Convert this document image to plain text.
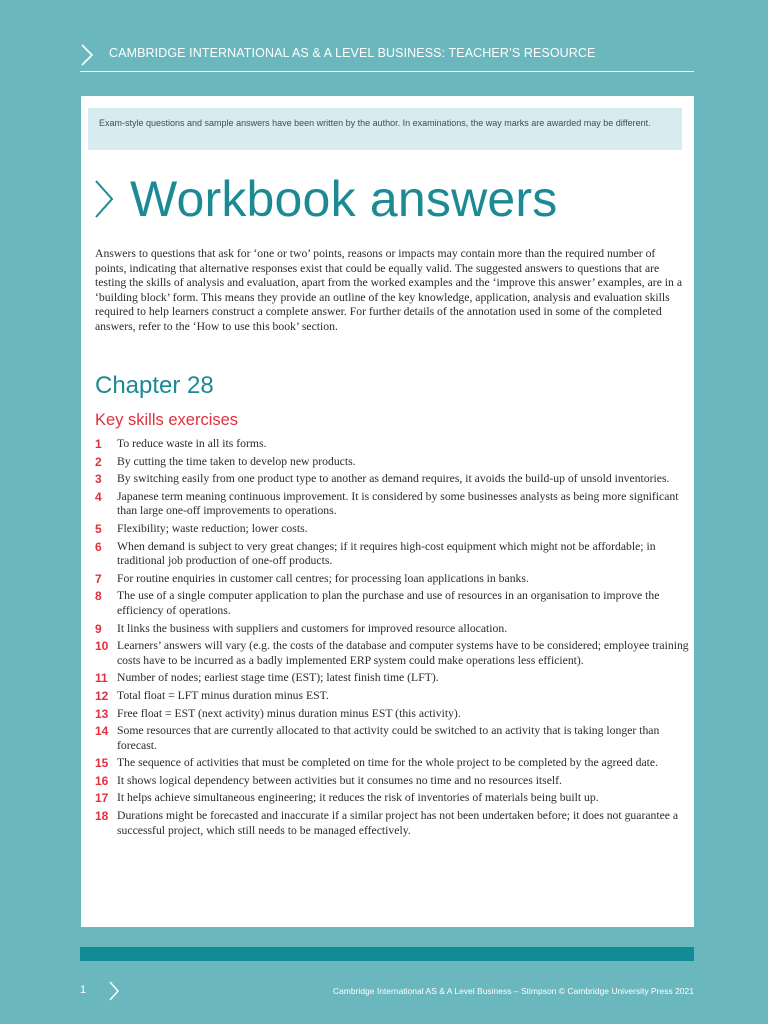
CAMBRIDGE INTERNATIONAL AS & A LEVEL BUSINESS: TEACHER’S RESOURCE
Exam-style questions and sample answers have been written by the author. In examinations, the way marks are awarded may be different.
Workbook answers
Answers to questions that ask for ‘one or two’ points, reasons or impacts may contain more than the required number of points, indicating that alternative responses exist that could be equally valid. The suggested answers to questions that are testing the skills of analysis and evaluation, apart from the worked examples and the ‘improve this answer’ examples, are in a ‘building block’ form. This means they provide an outline of the key knowledge, application, analysis and evaluation skills required to help learners construct a complete answer. For further details of the annotation used in some of the completed answers, refer to the ‘How to use this book’ section.
Chapter 28
Key skills exercises
1 To reduce waste in all its forms.
2 By cutting the time taken to develop new products.
3 By switching easily from one product type to another as demand requires, it avoids the build-up of unsold inventories.
4 Japanese term meaning continuous improvement. It is considered by some businesses analysts as being more significant than large one-off improvements to operations.
5 Flexibility; waste reduction; lower costs.
6 When demand is subject to very great changes; if it requires high-cost equipment which might not be affordable; in traditional job production of one-off products.
7 For routine enquiries in customer call centres; for processing loan applications in banks.
8 The use of a single computer application to plan the purchase and use of resources in an organisation to improve the efficiency of operations.
9 It links the business with suppliers and customers for improved resource allocation.
10 Learners’ answers will vary (e.g. the costs of the database and computer systems have to be considered; employee training costs have to be incurred as a badly implemented ERP system could make operations less efficient).
11 Number of nodes; earliest stage time (EST); latest finish time (LFT).
12 Total float = LFT minus duration minus EST.
13 Free float = EST (next activity) minus duration minus EST (this activity).
14 Some resources that are currently allocated to that activity could be switched to an activity that is taking longer than forecast.
15 The sequence of activities that must be completed on time for the whole project to be completed by the agreed date.
16 It shows logical dependency between activities but it consumes no time and no resources itself.
17 It helps achieve simultaneous engineering; it reduces the risk of inventories of materials being built up.
18 Durations might be forecasted and inaccurate if a similar project has not been undertaken before; it does not guarantee a successful project, which still needs to be managed effectively.
1	Cambridge International AS & A Level Business – Stimpson © Cambridge University Press 2021
